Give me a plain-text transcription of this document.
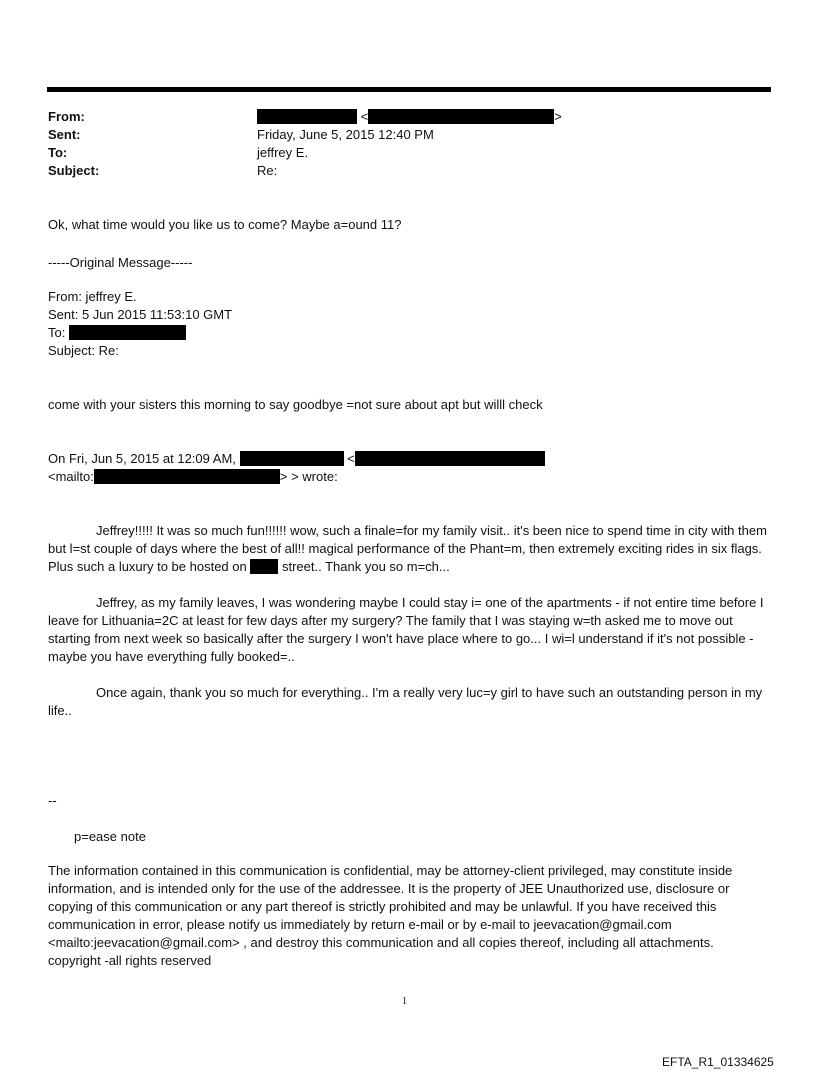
From:	<	>
Sent:	Friday, June 5, 2015 12:40 PM
To:	jeffrey E.
Subject:	Re:

Ok, what time would you like us to come? Maybe a=ound 11?

-----Original Message-----

From: jeffrey E.

Sent: 5 Jun 2015 11:53:10 GMT

To:

Subject: Re:

come with your sisters this morning to say goodbye =not sure about apt but willl check

On Fri, Jun 5, 2015 at 12:09 AM,	<

<mailto:	> > wrote:

Jeffrey!!!!! It was so much fun!!!!!! wow, such a finale=for my family visit.. it's been nice to spend time in city with them but l=st couple of days where the best of all!! magical performance of the Phant=m, then extremely exciting rides in six flags. Plus such a luxury to be hosted on	street.. Thank you so m=ch...

Jeffrey, as my family leaves, I was wondering maybe I could stay i= one of the apartments - if not entire time before I leave for Lithuania=2C at least for few days after my surgery? The family that I was staying w=th asked me to move out starting from next week so basically after the surgery I won't have place where to go... I wi=l understand if it's not possible - maybe you have everything fully booked=..

Once again, thank you so much for everything.. I'm a really very luc=y girl to have such an outstanding person in my life..

--

p=ease note

The information contained in this communication is confidential, may be attorney-client privileged, may constitute inside information, and is intended only for the use of the addressee. It is the property of JEE Unauthorized use, disclosure or copying of this communication or any part thereof is strictly prohibited and may be unlawful. If you have received this communication in error, please notify us immediately by return e-mail or by e-mail to jeevacation@gmail.com <mailto:jeevacation@gmail.com> , and destroy this communication and all copies thereof, including all attachments. copyright -all rights reserved

1
EFTA_R1_01334625
